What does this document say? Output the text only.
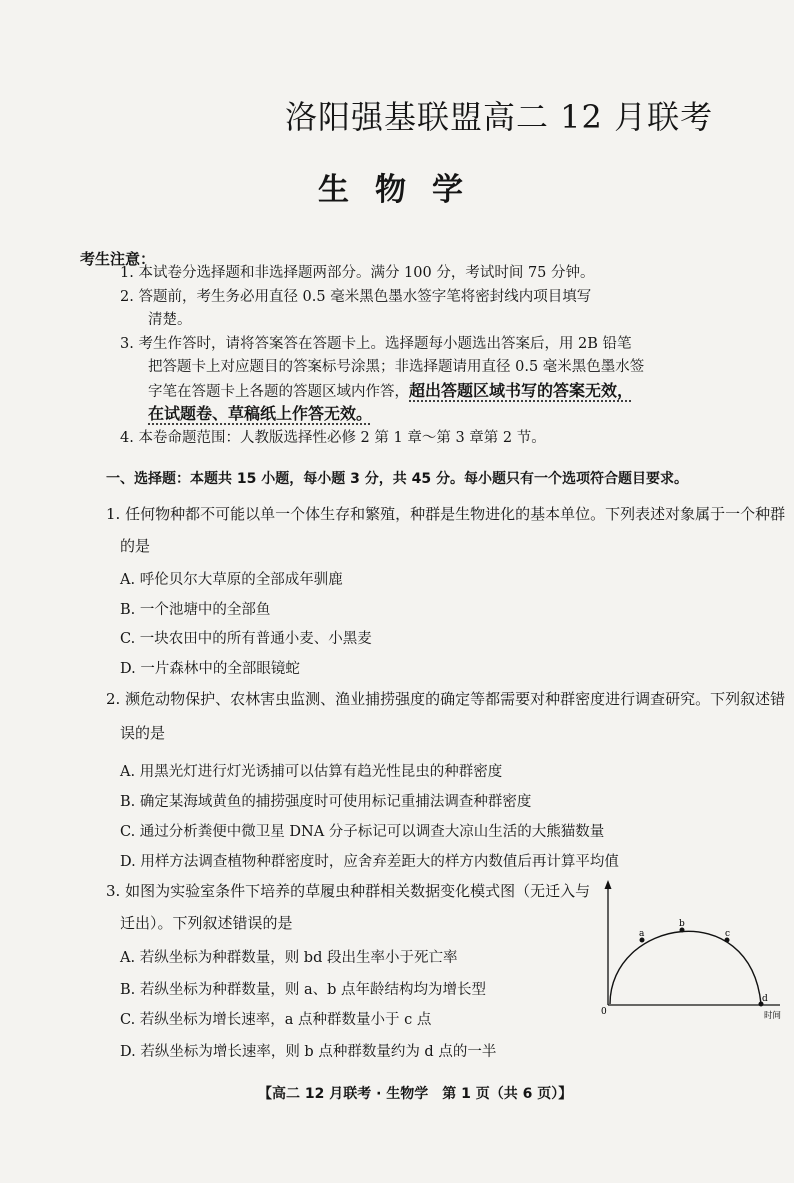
洛阳强基联盟高二 12 月联考
生物学
考生注意：
1. 本试卷分选择题和非选择题两部分。满分 100 分，考试时间 75 分钟。
2. 答题前，考生务必用直径 0.5 毫米黑色墨水签字笔将密封线内项目填写
清楚。
3. 考生作答时，请将答案答在答题卡上。选择题每小题选出答案后，用 2B 铅笔
把答题卡上对应题目的答案标号涂黑；非选择题请用直径 0.5 毫米黑色墨水签
字笔在答题卡上各题的答题区域内作答，超出答题区域书写的答案无效，
在试题卷、草稿纸上作答无效。
4. 本卷命题范围：人教版选择性必修 2 第 1 章～第 3 章第 2 节。
一、选择题：本题共 15 小题，每小题 3 分，共 45 分。每小题只有一个选项符合题目要求。
1. 任何物种都不可能以单一个体生存和繁殖，种群是生物进化的基本单位。下列表述对象属于一个种群
的是
A. 呼伦贝尔大草原的全部成年驯鹿
B. 一个池塘中的全部鱼
C. 一块农田中的所有普通小麦、小黑麦
D. 一片森林中的全部眼镜蛇
2. 濒危动物保护、农林害虫监测、渔业捕捞强度的确定等都需要对种群密度进行调查研究。下列叙述错
误的是
A. 用黑光灯进行灯光诱捕可以估算有趋光性昆虫的种群密度
B. 确定某海域黄鱼的捕捞强度时可使用标记重捕法调查种群密度
C. 通过分析粪便中微卫星 DNA 分子标记可以调查大凉山生活的大熊猫数量
D. 用样方法调查植物种群密度时，应舍弃差距大的样方内数值后再计算平均值
3. 如图为实验室条件下培养的草履虫种群相关数据变化模式图（无迁入与
迁出）。下列叙述错误的是
A. 若纵坐标为种群数量，则 bd 段出生率小于死亡率
B. 若纵坐标为种群数量，则 a、b 点年龄结构均为增长型
C. 若纵坐标为增长速率，a 点种群数量小于 c 点
D. 若纵坐标为增长速率，则 b 点种群数量约为 d 点的一半
a
b
c
d
0	时间
【高二 12 月联考 · 生物学　第 1 页（共 6 页）】
